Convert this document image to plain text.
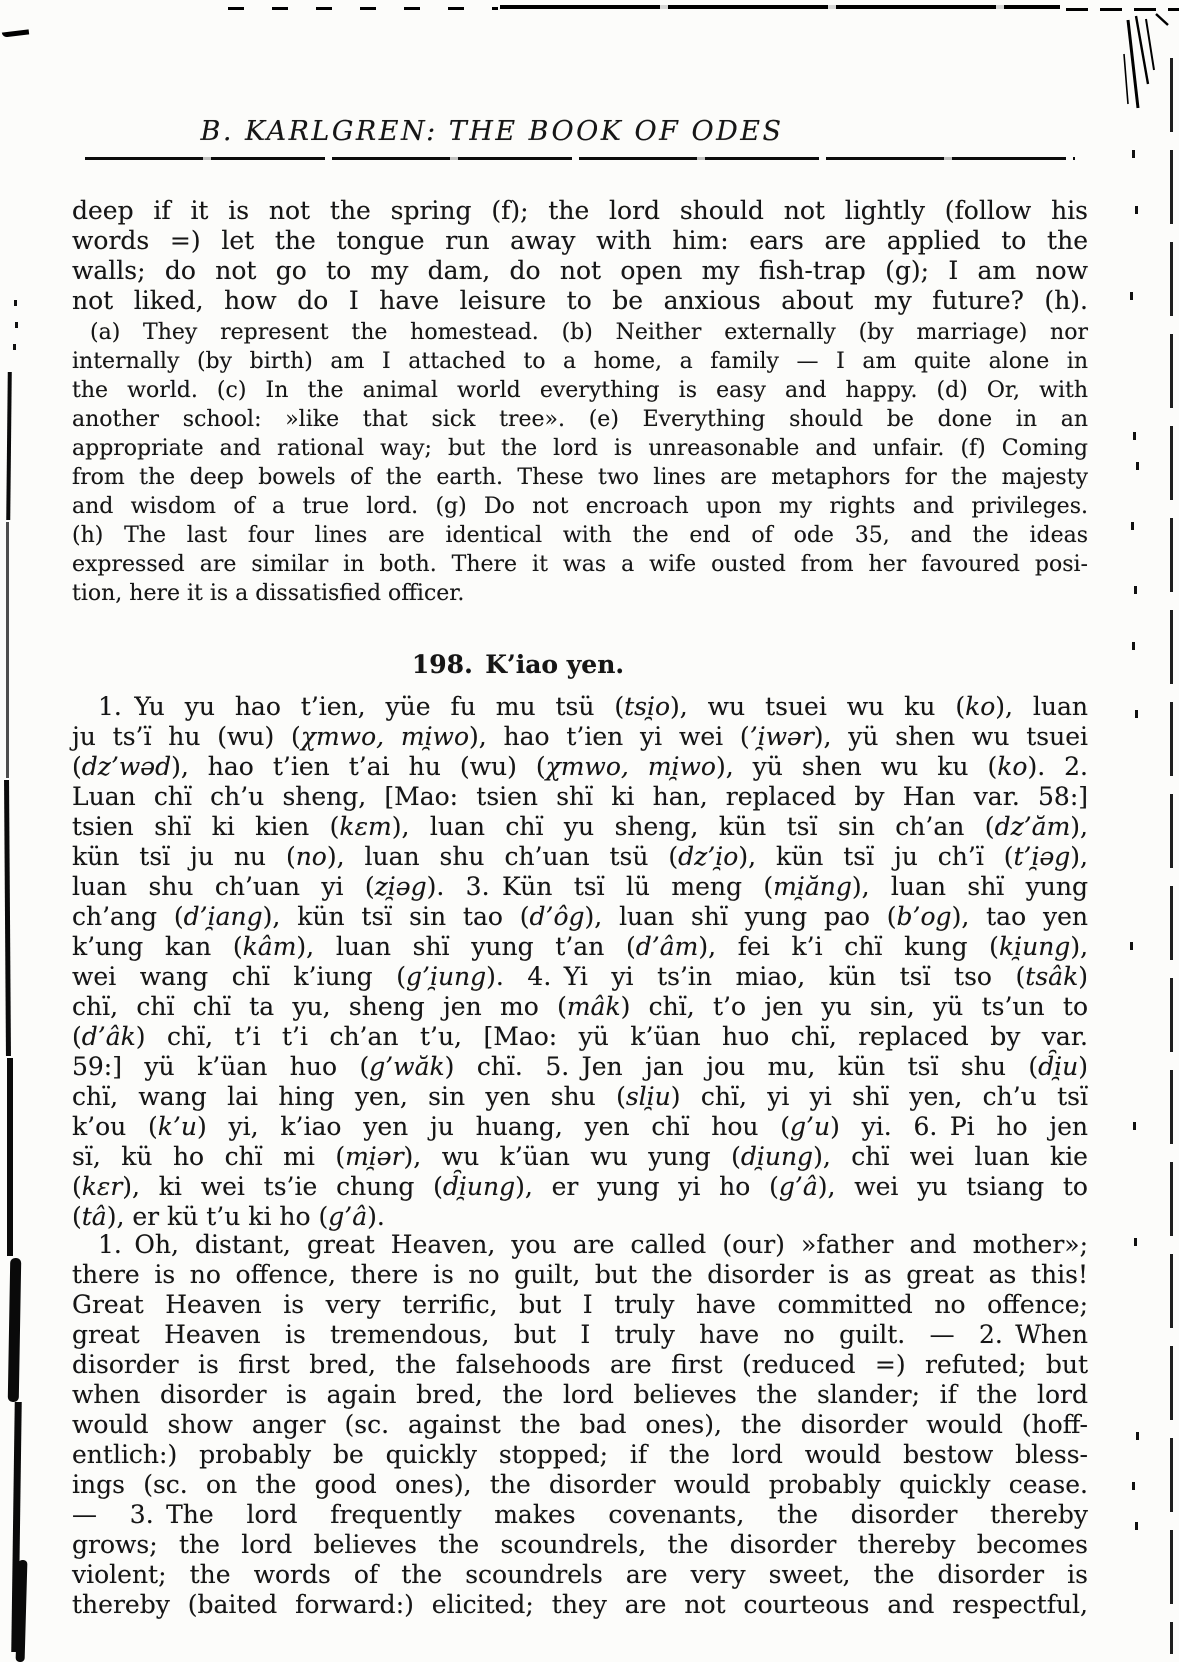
B. KARLGREN: THE BOOK OF ODES
deep if it is not the spring (f); the lord should not lightly (follow his
words =) let the tongue run away with him: ears are applied to the
walls; do not go to my dam, do not open my fish-trap (g); I am now
not liked, how do I have leisure to be anxious about my future? (h).
(a) They represent the homestead. (b) Neither externally (by marriage) nor
internally (by birth) am I attached to a home, a family — I am quite alone in
the world. (c) In the animal world everything is easy and happy. (d) Or, with
another school: »like that sick tree». (e) Everything should be done in an
appropriate and rational way; but the lord is unreasonable and unfair. (f) Coming
from the deep bowels of the earth. These two lines are metaphors for the majesty
and wisdom of a true lord. (g) Do not encroach upon my rights and privileges.
(h) The last four lines are identical with the end of ode 35, and the ideas
expressed are similar in both. There it was a wife ousted from her favoured posi-
tion, here it is a dissatisfied officer.
198. K’iao yen.
1. Yu yu hao t’ien, yüe fu mu tsü (tsi̯o), wu tsuei wu ku (ko), luan
ju ts’ï hu (wu) (χmwo, mi̯wo), hao t’ien yi wei (’i̯wər), yü shen wu tsuei
(dz’wəd), hao t’ien t’ai hu (wu) (χmwo, mi̯wo), yü shen wu ku (ko). 2.
Luan chï ch’u sheng, [Mao: tsien shï ki han, replaced by Han var. 58:]
tsien shï ki kien (kɛm), luan chï yu sheng, kün tsï sin ch’an (dz’ăm),
kün tsï ju nu (no), luan shu ch’uan tsü (dz’i̯o), kün tsï ju ch’ï (t’i̯əg),
luan shu ch’uan yi (zi̯əg). 3. Kün tsï lü meng (mi̯ăng), luan shï yung
ch’ang (d’i̯ang), kün tsï sin tao (d’ôg), luan shï yung pao (b’og), tao yen
k’ung kan (kâm), luan shï yung t’an (d’âm), fei k’i chï kung (ki̯ung),
wei wang chï k’iung (g’i̯ung). 4. Yi yi ts’in miao, kün tsï tso (tsâk)
chï, chï chï ta yu, sheng jen mo (mâk) chï, t’o jen yu sin, yü ts’un to
(d’âk) chï, t’i t’i ch’an t’u, [Mao: yü k’üan huo chï, replaced by var.
59:] yü k’üan huo (g’wăk) chï. 5. Jen jan jou mu, kün tsï shu (d̑i̯u)
chï, wang lai hing yen, sin yen shu (sli̯u) chï, yi yi shï yen, ch’u tsï
k’ou (k’u) yi, k’iao yen ju huang, yen chï hou (g’u) yi. 6. Pi ho jen
sï, kü ho chï mi (mi̯ər), wu k’üan wu yung (di̯ung), chï wei luan kie
(kɛr), ki wei ts’ie chung (d̑i̯ung), er yung yi ho (g’â), wei yu tsiang to
(tâ), er kü t’u ki ho (g’â).
1. Oh, distant, great Heaven, you are called (our) »father and mother»;
there is no offence, there is no guilt, but the disorder is as great as this!
Great Heaven is very terrific, but I truly have committed no offence;
great Heaven is tremendous, but I truly have no guilt. — 2. When
disorder is first bred, the falsehoods are first (reduced =) refuted; but
when disorder is again bred, the lord believes the slander; if the lord
would show anger (sc. against the bad ones), the disorder would (hoff-
entlich:) probably be quickly stopped; if the lord would bestow bless-
ings (sc. on the good ones), the disorder would probably quickly cease.
— 3. The lord frequently makes covenants, the disorder thereby
grows; the lord believes the scoundrels, the disorder thereby becomes
violent; the words of the scoundrels are very sweet, the disorder is
thereby (baited forward:) elicited; they are not courteous and respectful,
